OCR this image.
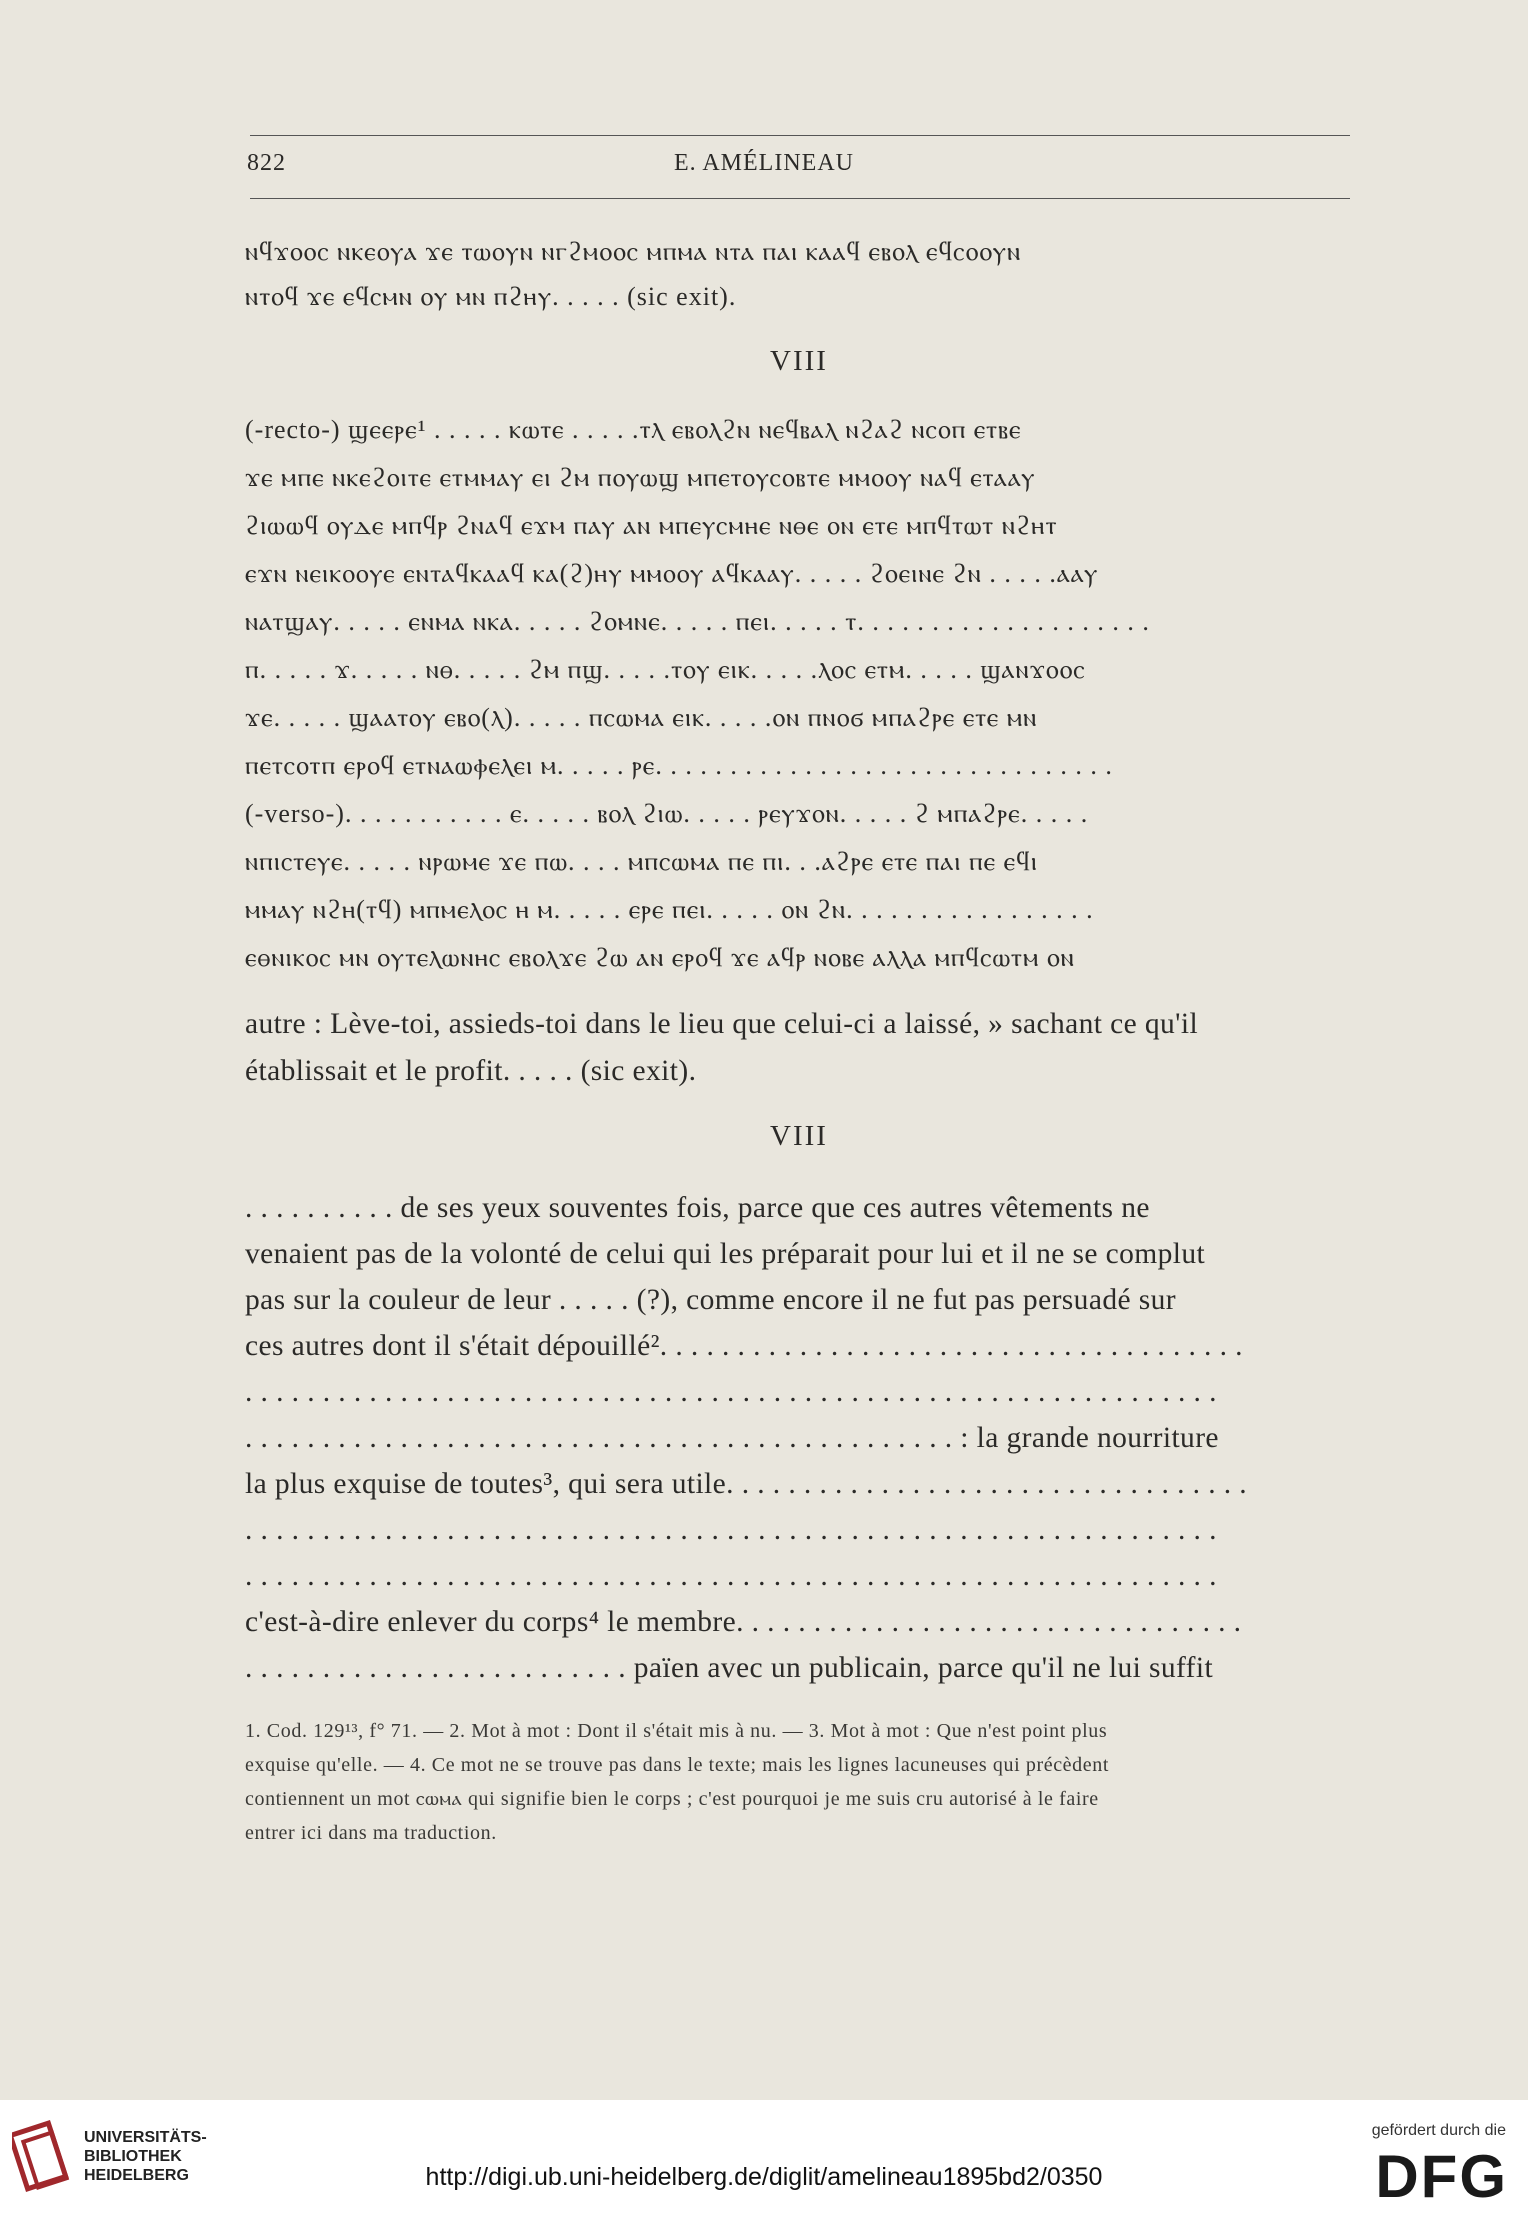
822	E. AMÉLINEAU
ⲛϥϫⲟⲟⲥ ⲛⲕⲉⲟⲩⲁ ϫⲉ ⲧⲱⲟⲩⲛ ⲛⲅϩⲙⲟⲟⲥ ⲙⲡⲙⲁ ⲛⲧⲁ ⲡⲁⲓ ⲕⲁⲁϥ ⲉⲃⲟⲗ ⲉϥⲥⲟⲟⲩⲛ
ⲛⲧⲟϥ ϫⲉ ⲉϥⲥⲙⲛ ⲟⲩ ⲙⲛ ⲡϩⲏⲩ. . . . . (sic exit).
VIII
(-recto-) ϣⲉⲉⲣⲉ¹ . . . . . ⲕⲱⲧⲉ . . . . .ⲧⲗ ⲉⲃⲟⲗϩⲛ ⲛⲉϥⲃⲁⲗ ⲛϩⲁϩ ⲛⲥⲟⲡ ⲉⲧⲃⲉ
ϫⲉ ⲙⲡⲉ ⲛⲕⲉϩⲟⲓⲧⲉ ⲉⲧⲙⲙⲁⲩ ⲉⲓ ϩⲙ ⲡⲟⲩⲱϣ ⲙⲡⲉⲧⲟⲩⲥⲟⲃⲧⲉ ⲙⲙⲟⲟⲩ ⲛⲁϥ ⲉⲧⲁⲁⲩ
ϩⲓⲱⲱϥ ⲟⲩⲇⲉ ⲙⲡϥⲣ ϩⲛⲁϥ ⲉϫⲙ ⲡⲁⲩ ⲁⲛ ⲙⲡⲉⲩⲥⲙⲏⲉ ⲛⲑⲉ ⲟⲛ ⲉⲧⲉ ⲙⲡϥⲧⲱⲧ ⲛϩⲏⲧ
ⲉϫⲛ ⲛⲉⲓⲕⲟⲟⲩⲉ ⲉⲛⲧⲁϥⲕⲁⲁϥ ⲕⲁ(ϩ)ⲏⲩ ⲙⲙⲟⲟⲩ ⲁϥⲕⲁⲁⲩ. . . . . ϩⲟⲉⲓⲛⲉ ϩⲛ . . . . .ⲁⲁⲩ
ⲛⲁⲧϣⲁⲩ. . . . . ⲉⲛⲙⲁ ⲛⲕⲁ. . . . . ϩⲟⲙⲛⲉ. . . . . ⲡⲉⲓ. . . . . ⲧ. . . . . . . . . . . . . . . . . . . .
ⲡ. . . . . ϫ. . . . . ⲛⲑ. . . . . ϩⲙ ⲡϣ. . . . .ⲧⲟⲩ ⲉⲓⲕ. . . . .ⲗⲟⲥ ⲉⲧⲙ. . . . . ϣⲁⲛϫⲟⲟⲥ
ϫⲉ. . . . . ϣⲁⲁⲧⲟⲩ ⲉⲃⲟ(ⲗ). . . . . ⲡⲥⲱⲙⲁ ⲉⲓⲕ. . . . .ⲟⲛ ⲡⲛⲟϭ ⲙⲡⲁϩⲣⲉ ⲉⲧⲉ ⲙⲛ
ⲡⲉⲧⲥⲟⲧⲡ ⲉⲣⲟϥ ⲉⲧⲛⲁⲱⲫⲉⲗⲉⲓ ⲙ. . . . . ⲣⲉ. . . . . . . . . . . . . . . . . . . . . . . . . . . . . . .
(-verso-). . . . . . . . . . . ⲉ. . . . . ⲃⲟⲗ ϩⲓⲱ. . . . . ⲣⲉⲩϫⲟⲛ. . . . . ϩ ⲙⲡⲁϩⲣⲉ. . . . .
ⲛⲡⲓⲥⲧⲉⲩⲉ. . . . . ⲛⲣⲱⲙⲉ ϫⲉ ⲡⲱ. . . . ⲙⲡⲥⲱⲙⲁ ⲡⲉ ⲡⲓ. . .ⲁϩⲣⲉ ⲉⲧⲉ ⲡⲁⲓ ⲡⲉ ⲉϥⲓ
ⲙⲙⲁⲩ ⲛϩⲏ(ⲧϥ) ⲙⲡⲙⲉⲗⲟⲥ ⲏ ⲙ. . . . . ⲉⲣⲉ ⲡⲉⲓ. . . . . ⲟⲛ ϩⲛ. . . . . . . . . . . . . . . . .
ⲉⲑⲛⲓⲕⲟⲥ ⲙⲛ ⲟⲩⲧⲉⲗⲱⲛⲏⲥ ⲉⲃⲟⲗϫⲉ ϩⲱ ⲁⲛ ⲉⲣⲟϥ ϫⲉ ⲁϥⲣ ⲛⲟⲃⲉ ⲁⲗⲗⲁ ⲙⲡϥⲥⲱⲧⲙ ⲟⲛ
autre : Lève-toi, assieds-toi dans le lieu que celui-ci a laissé, » sachant ce qu'il
établissait et le profit. . . . . (sic exit).
VIII
. . . . . . . . . . de ses yeux souventes fois, parce que ces autres vêtements ne
venaient pas de la volonté de celui qui les préparait pour lui et il ne se complut
pas sur la couleur de leur . . . . . (?), comme encore il ne fut pas persuadé sur
ces autres dont il s'était dépouillé². . . . . . . . . . . . . . . . . . . . . . . . . . . . . . . . . . . . . .
. . . . . . . . . . . . . . . . . . . . . . . . . . . . . . . . . . . . . . . . . . . . . . . . . . . . . . . . . . . . . . .
. . . . . . . . . . . . . . . . . . . . . . . . . . . . . . . . . . . . . . . . . . . . . . : la grande nourriture
la plus exquise de toutes³, qui sera utile. . . . . . . . . . . . . . . . . . . . . . . . . . . . . . . . . .
. . . . . . . . . . . . . . . . . . . . . . . . . . . . . . . . . . . . . . . . . . . . . . . . . . . . . . . . . . . . . . .
. . . . . . . . . . . . . . . . . . . . . . . . . . . . . . . . . . . . . . . . . . . . . . . . . . . . . . . . . . . . . . .
c'est-à-dire enlever du corps⁴ le membre. . . . . . . . . . . . . . . . . . . . . . . . . . . . . . . . .
. . . . . . . . . . . . . . . . . . . . . . . . . païen avec un publicain, parce qu'il ne lui suffit
1. Cod. 129¹³, f° 71. — 2. Mot à mot : Dont il s'était mis à nu. — 3. Mot à mot : Que n'est point plus
exquise qu'elle. — 4. Ce mot ne se trouve pas dans le texte; mais les lignes lacuneuses qui précèdent
contiennent un mot ⲥⲱⲙⲁ qui signifie bien le corps ; c'est pourquoi je me suis cru autorisé à le faire
entrer ici dans ma traduction.
UNIVERSITÄTS-
BIBLIOTHEK
HEIDELBERG	http://digi.ub.uni-heidelberg.de/diglit/amelineau1895bd2/0350
gefördert durch die
DFG
